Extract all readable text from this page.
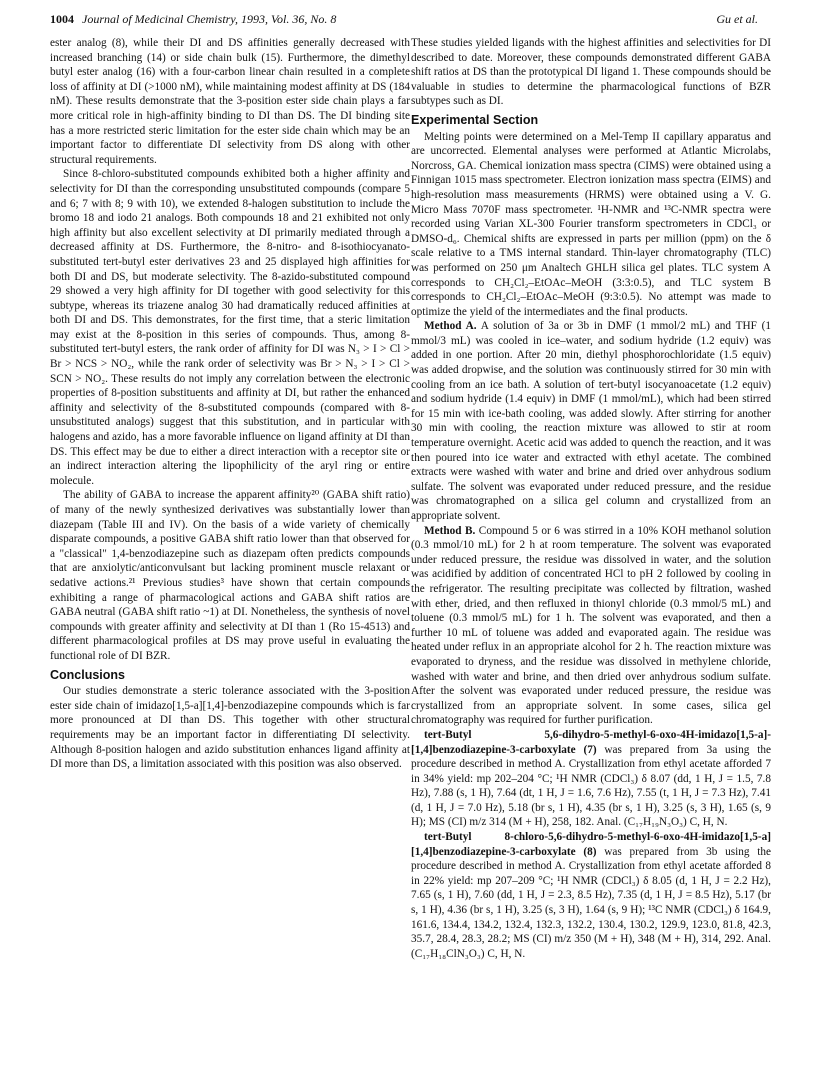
1004 Journal of Medicinal Chemistry, 1993, Vol. 36, No. 8	Gu et al.

ester analog (8), while their DI and DS affinities generally decreased with increased branching (14) or side chain bulk (15). Furthermore, the dimethyl butyl ester analog (16) with a four-carbon linear chain resulted in a complete loss of affinity at DI (>1000 nM), while maintaining modest affinity at DS (184 nM). These results demonstrate that the 3-position ester side chain plays a far more critical role in high-affinity binding to DI than DS. The DI binding site has a more restricted steric limitation for the ester side chain which may be an important factor to differentiate DI selectivity from DS along with other structural requirements.

Since 8-chloro-substituted compounds exhibited both a higher affinity and selectivity for DI than the corresponding unsubstituted compounds (compare 5 and 6; 7 with 8; 9 with 10), we extended 8-halogen substitution to include the bromo 18 and iodo 21 analogs. Both compounds 18 and 21 exhibited not only high affinity but also excellent selectivity at DI primarily mediated through a decreased affinity at DS. Furthermore, the 8-nitro- and 8-isothiocyanato-substituted tert-butyl ester derivatives 23 and 25 displayed high affinities for both DI and DS, but moderate selectivity. The 8-azido-substituted compound 29 showed a very high affinity for DI together with good selectivity for this subtype, whereas its triazene analog 30 had dramatically reduced affinities at both DI and DS. This demonstrates, for the first time, that a steric limitation may exist at the 8-position in this series of compounds. Thus, among 8-substituted tert-butyl esters, the rank order of affinity for DI was N₃ > I > Cl > Br > NCS > NO₂, while the rank order of selectivity was Br > N₃ > I > Cl > SCN > NO₂. These results do not imply any correlation between the electronic properties of 8-position substituents and affinity at DI, but rather the enhanced affinity and selectivity of the 8-substituted compounds (compared with 8-unsubstituted analogs) suggest that this substitution, and in particular with halogens and azido, has a more favorable influence on ligand affinity at DI than DS. This effect may be due to either a direct interaction with a receptor site or an indirect interaction altering the lipophilicity of the aryl ring or entire molecule.

The ability of GABA to increase the apparent affinity²⁰ (GABA shift ratio) of many of the newly synthesized derivatives was substantially lower than diazepam (Table III and IV). On the basis of a wide variety of chemically disparate compounds, a positive GABA shift ratio lower than that observed for a "classical" 1,4-benzodiazepine such as diazepam often predicts compounds that are anxiolytic/anticonvulsant but lacking prominent muscle relaxant or sedative actions.²¹ Previous studies³ have shown that certain compounds exhibiting a range of pharmacological actions and GABA shift ratios are GABA neutral (GABA shift ratio ~1) at DI. Nonetheless, the synthesis of novel compounds with greater affinity and selectivity at DI than 1 (Ro 15-4513) and different pharmacological profiles at DS may prove useful in evaluating the functional role of DI BZR.

Conclusions

Our studies demonstrate a steric tolerance associated with the 3-position ester side chain of imidazo[1,5-a][1,4]-benzodiazepine compounds which is far more pronounced at DI than DS. This together with other structural requirements may be an important factor in differentiating DI selectivity. Although 8-position halogen and azido substitution enhances ligand affinity at DI more than DS, a limitation associated with this position was also observed.

These studies yielded ligands with the highest affinities and selectivities for DI described to date. Moreover, these compounds demonstrated different GABA shift ratios at DS than the prototypical DI ligand 1. These compounds should be valuable in studies to determine the pharmacological functions of BZR subtypes such as DI.

Experimental Section

Melting points were determined on a Mel-Temp II capillary apparatus and are uncorrected. Elemental analyses were performed at Atlantic Microlabs, Norcross, GA. Chemical ionization mass spectra (CIMS) were obtained using a Finnigan 1015 mass spectrometer. Electron ionization mass spectra (EIMS) and high-resolution mass measurements (HRMS) were obtained using a V. G. Micro Mass 7070F mass spectrometer. ¹H-NMR and ¹³C-NMR spectra were recorded using Varian XL-300 Fourier transform spectrometers in CDCl₃ or DMSO-d₆. Chemical shifts are expressed in parts per million (ppm) on the δ scale relative to a TMS internal standard. Thin-layer chromatography (TLC) was performed on 250 μm Analtech GHLH silica gel plates. TLC system A corresponds to CH₂Cl₂–EtOAc–MeOH (3:3:0.5), and TLC system B corresponds to CH₂Cl₂–EtOAc–MeOH (9:3:0.5). No attempt was made to optimize the yield of the intermediates and the final products.

Method A. A solution of 3a or 3b in DMF (1 mmol/2 mL) and THF (1 mmol/3 mL) was cooled in ice–water, and sodium hydride (1.2 equiv) was added in one portion. After 20 min, diethyl phosphorochloridate (1.5 equiv) was added dropwise, and the solution was continuously stirred for 30 min with cooling from an ice bath. A solution of tert-butyl isocyanoacetate (1.2 equiv) and sodium hydride (1.4 equiv) in DMF (1 mmol/mL), which had been stirred for 15 min with ice-bath cooling, was added slowly. After stirring for another 30 min with cooling, the reaction mixture was allowed to stir at room temperature overnight. Acetic acid was added to quench the reaction, and it was then poured into ice water and extracted with ethyl acetate. The combined extracts were washed with water and brine and dried over anhydrous sodium sulfate. The solvent was evaporated under reduced pressure, and the residue was chromatographed on a silica gel column and crystallized from an appropriate solvent.

Method B. Compound 5 or 6 was stirred in a 10% KOH methanol solution (0.3 mmol/10 mL) for 2 h at room temperature. The solvent was evaporated under reduced pressure, the residue was dissolved in water, and the solution was acidified by addition of concentrated HCl to pH 2 followed by cooling in the refrigerator. The resulting precipitate was collected by filtration, washed with ether, dried, and then refluxed in thionyl chloride (0.3 mmol/5 mL) and toluene (0.3 mmol/5 mL) for 1 h. The solvent was evaporated, and then a further 10 mL of toluene was added and evaporated again. The residue was heated under reflux in an appropriate alcohol for 2 h. The reaction mixture was evaporated to dryness, and the residue was dissolved in methylene chloride, washed with water and brine, and then dried over anhydrous sodium sulfate. After the solvent was evaporated under reduced pressure, the residue was crystallized from an appropriate solvent. In some cases, silica gel chromatography was required for further purification.

tert-Butyl 5,6-dihydro-5-methyl-6-oxo-4H-imidazo[1,5-a]-[1,4]benzodiazepine-3-carboxylate (7) was prepared from 3a using the procedure described in method A. Crystallization from ethyl acetate afforded 7 in 34% yield: mp 202–204 °C; ¹H NMR (CDCl₃) δ 8.07 (dd, 1 H, J = 1.5, 7.8 Hz), 7.88 (s, 1 H), 7.64 (dt, 1 H, J = 1.6, 7.6 Hz), 7.55 (t, 1 H, J = 7.3 Hz), 7.41 (d, 1 H, J = 7.0 Hz), 5.18 (br s, 1 H), 4.35 (br s, 1 H), 3.25 (s, 3 H), 1.65 (s, 9 H); MS (CI) m/z 314 (M + H), 258, 182. Anal. (C₁₇H₁₉N₃O₃) C, H, N.

tert-Butyl 8-chloro-5,6-dihydro-5-methyl-6-oxo-4H-imidazo[1,5-a][1,4]benzodiazepine-3-carboxylate (8) was prepared from 3b using the procedure described in method A. Crystallization from ethyl acetate afforded 8 in 22% yield: mp 207–209 °C; ¹H NMR (CDCl₃) δ 8.05 (d, 1 H, J = 2.2 Hz), 7.65 (s, 1 H), 7.60 (dd, 1 H, J = 2.3, 8.5 Hz), 7.35 (d, 1 H, J = 8.5 Hz), 5.17 (br s, 1 H), 4.36 (br s, 1 H), 3.25 (s, 3 H), 1.64 (s, 9 H); ¹³C NMR (CDCl₃) δ 164.9, 161.6, 134.4, 134.2, 132.4, 132.3, 132.2, 130.4, 130.2, 129.9, 123.0, 81.8, 42.3, 35.7, 28.4, 28.3, 28.2; MS (CI) m/z 350 (M + H), 348 (M + H), 314, 292. Anal. (C₁₇H₁₈ClN₃O₃) C, H, N.
